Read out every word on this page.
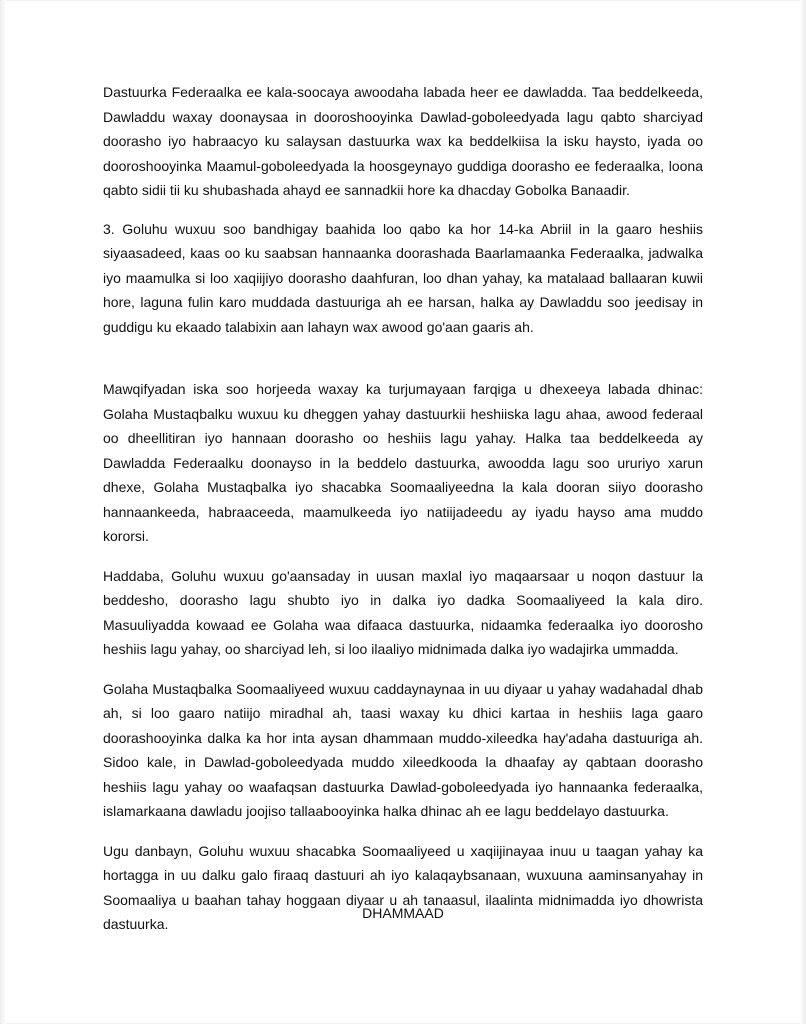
Dastuurka Federaalka ee kala-soocaya awoodaha labada heer ee dawladda. Taa beddelkeeda, Dawladdu waxay doonaysaa in dooroshooyinka Dawlad-goboleedyada lagu qabto sharciyad doorasho iyo habraacyo ku salaysan dastuurka wax ka beddelkiisa la isku haysto, iyada oo dooroshooyinka Maamul-goboleedyada la hoosgeynayo guddiga doorasho ee federaalka, loona qabto sidii tii ku shubashada ahayd ee sannadkii hore ka dhacday Gobolka Banaadir.

3. Goluhu wuxuu soo bandhigay baahida loo qabo ka hor 14-ka Abriil in la gaaro heshiis siyaasadeed, kaas oo ku saabsan hannaanka doorashada Baarlamaanka Federaalka, jadwalka iyo maamulka si loo xaqiijiyo doorasho daahfuran, loo dhan yahay, ka matalaad ballaaran kuwii hore, laguna fulin karo muddada dastuuriga ah ee harsan, halka ay Dawladdu soo jeedisay in guddigu ku ekaado talabixin aan lahayn wax awood go'aan gaaris ah.

Mawqifyadan iska soo horjeeda waxay ka turjumayaan farqiga u dhexeeya labada dhinac: Golaha Mustaqbalku wuxuu ku dheggen yahay dastuurkii heshiiska lagu ahaa, awood federaal oo dheellitiran iyo hannaan doorasho oo heshiis lagu yahay. Halka taa beddelkeeda ay Dawladda Federaalku doonayso in la beddelo dastuurka, awoodda lagu soo ururiyo xarun dhexe, Golaha Mustaqbalka iyo shacabka Soomaaliyeedna la kala dooran siiyo doorasho hannaankeeda, habraaceeda, maamulkeeda iyo natiijadeedu ay iyadu hayso ama muddo kororsi.

Haddaba, Goluhu wuxuu go'aansaday in uusan maxlal iyo maqaarsaar u noqon dastuur la beddesho, doorasho lagu shubto iyo in dalka iyo dadka Soomaaliyeed la kala diro. Masuuliyadda kowaad ee Golaha waa difaaca dastuurka, nidaamka federaalka iyo doorosho heshiis lagu yahay, oo sharciyad leh, si loo ilaaliyo midnimada dalka iyo wadajirka ummadda.

Golaha Mustaqbalka Soomaaliyeed wuxuu caddaynaynaa in uu diyaar u yahay wadahadal dhab ah, si loo gaaro natiijo miradhal ah, taasi waxay ku dhici kartaa in heshiis laga gaaro doorashooyinka dalka ka hor inta aysan dhammaan muddo-xileedka hay'adaha dastuuriga ah. Sidoo kale, in Dawlad-goboleedyada muddo xileedkooda la dhaafay ay qabtaan doorasho heshiis lagu yahay oo waafaqsan dastuurka Dawlad-goboleedyada iyo hannaanka federaalka, islamarkaana dawladu joojiso tallaabooyinka halka dhinac ah ee lagu beddelayo dastuurka.

Ugu danbayn, Goluhu wuxuu shacabka Soomaaliyeed u xaqiijinayaa inuu u taagan yahay ka hortagga in uu dalku galo firaaq dastuuri ah iyo kalaqaybsanaan, wuxuuna aaminsanyahay in Soomaaliya u baahan tahay hoggaan diyaar u ah tanaasul, ilaalinta midnimadda iyo dhowrista dastuurka.

DHAMMAAD
